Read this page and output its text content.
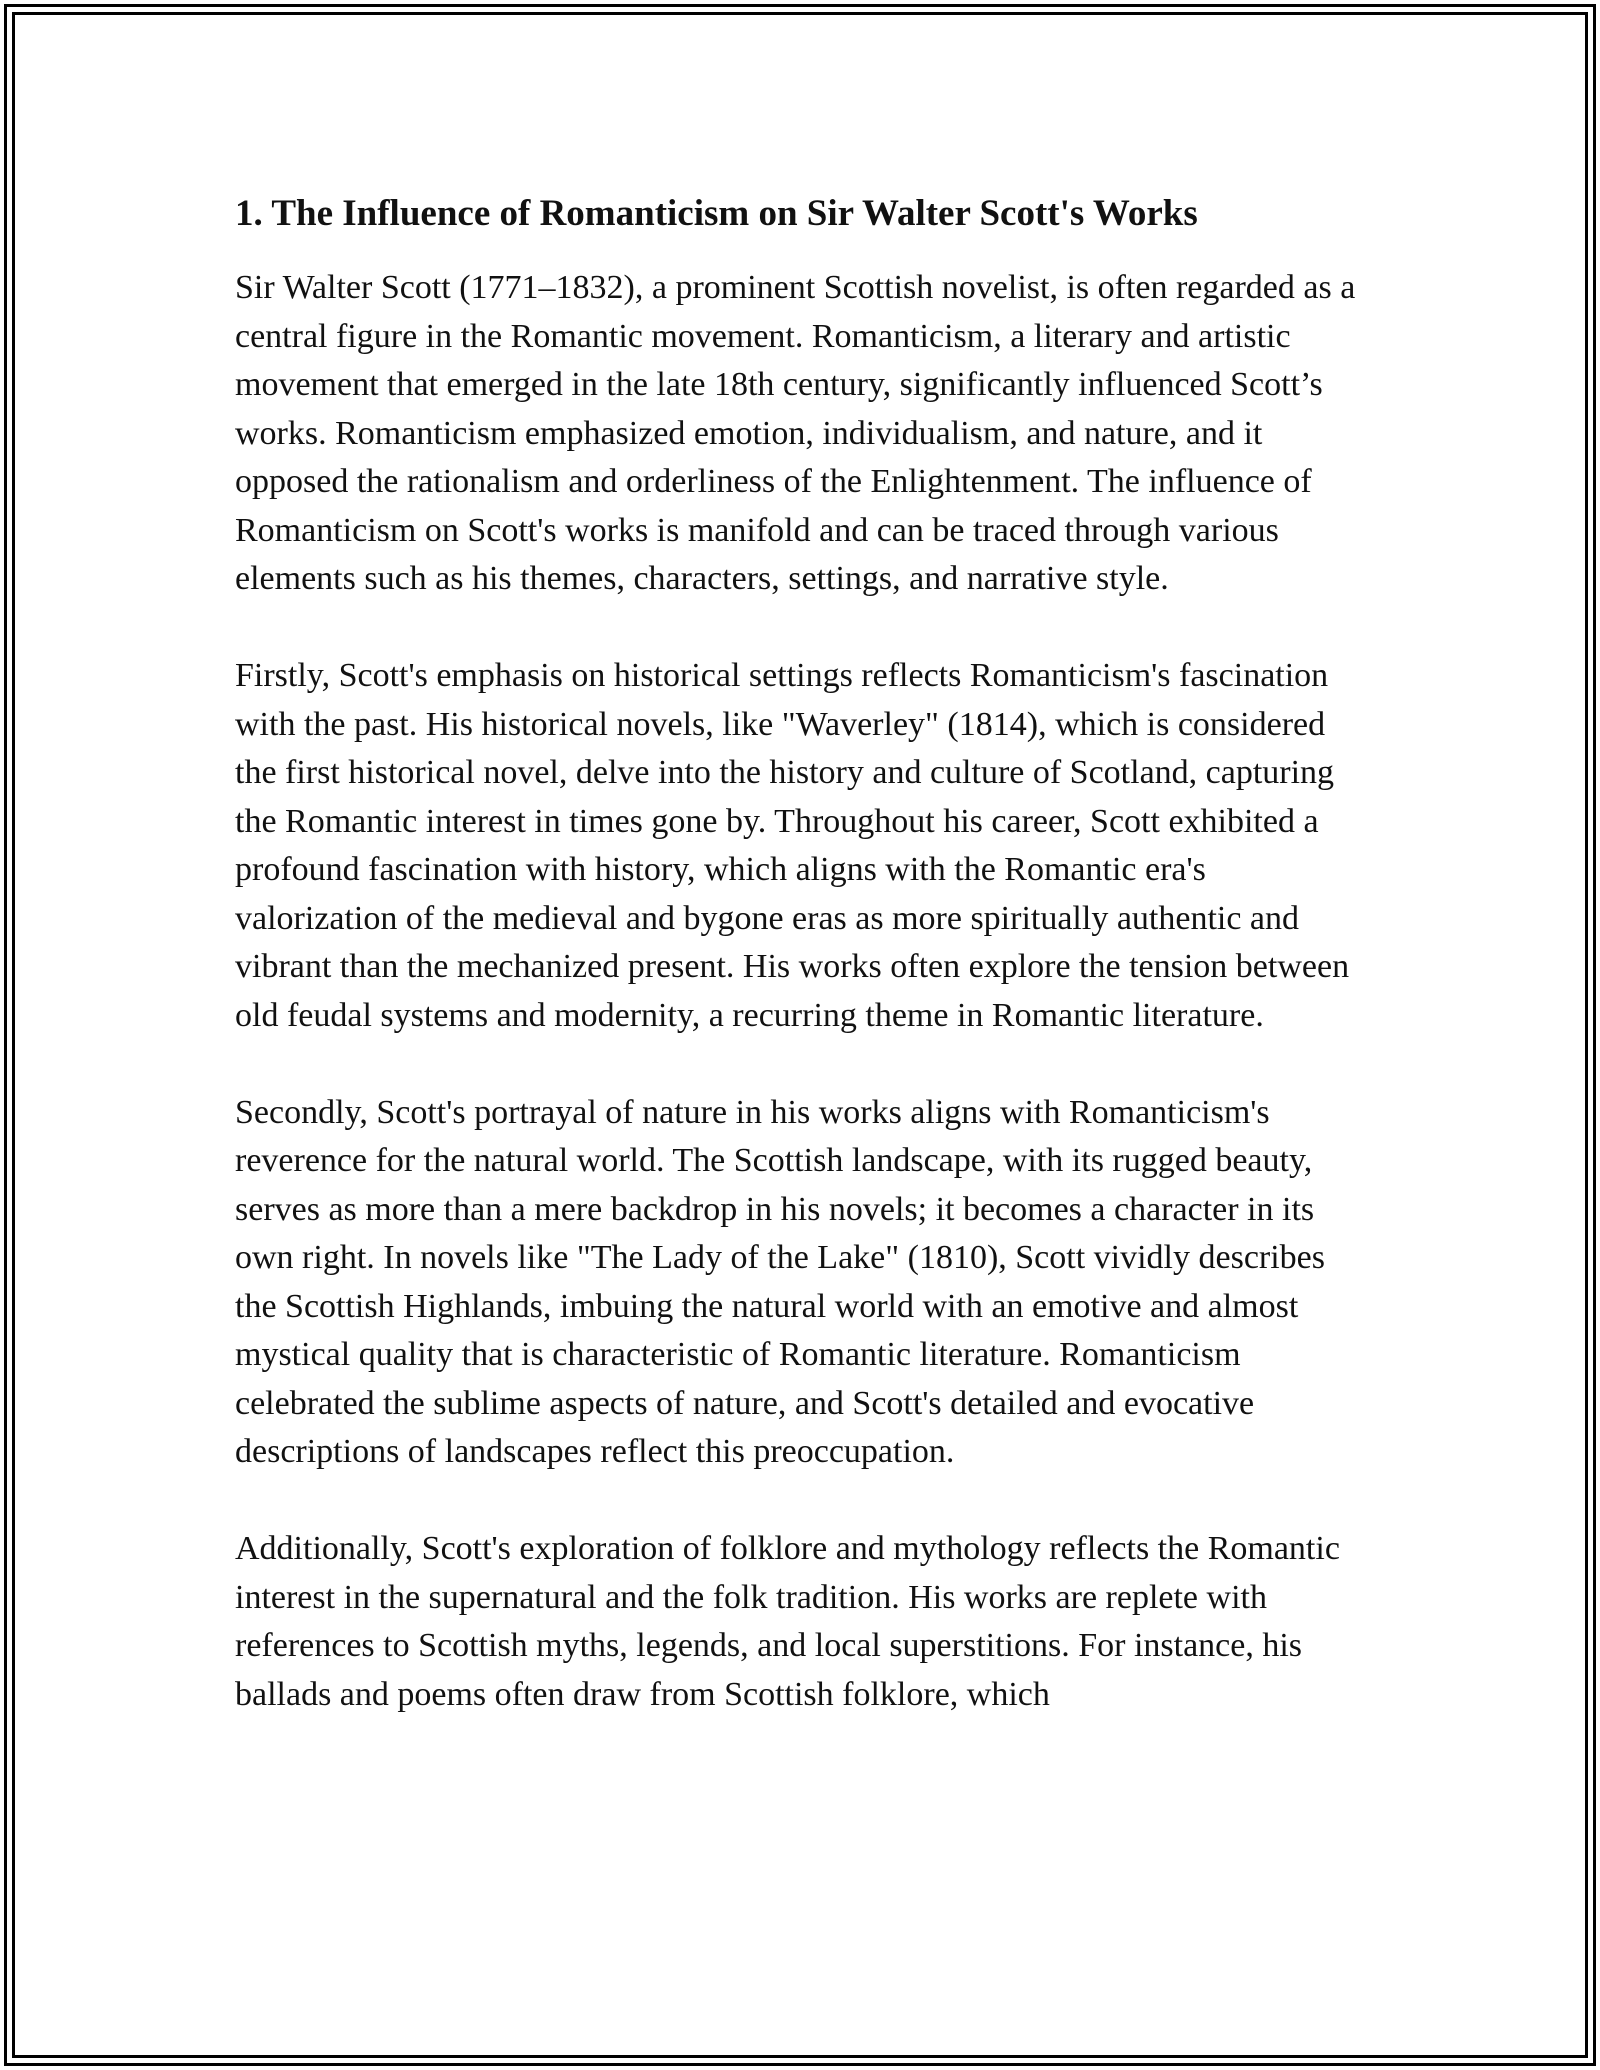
1. The Influence of Romanticism on Sir Walter Scott's Works

Sir Walter Scott (1771–1832), a prominent Scottish novelist, is often regarded as a central figure in the Romantic movement. Romanticism, a literary and artistic movement that emerged in the late 18th century, significantly influenced Scott’s works. Romanticism emphasized emotion, individualism, and nature, and it opposed the rationalism and orderliness of the Enlightenment. The influence of Romanticism on Scott's works is manifold and can be traced through various elements such as his themes, characters, settings, and narrative style.

Firstly, Scott's emphasis on historical settings reflects Romanticism's fascination with the past. His historical novels, like "Waverley" (1814), which is considered the first historical novel, delve into the history and culture of Scotland, capturing the Romantic interest in times gone by. Throughout his career, Scott exhibited a profound fascination with history, which aligns with the Romantic era's valorization of the medieval and bygone eras as more spiritually authentic and vibrant than the mechanized present. His works often explore the tension between old feudal systems and modernity, a recurring theme in Romantic literature.

Secondly, Scott's portrayal of nature in his works aligns with Romanticism's reverence for the natural world. The Scottish landscape, with its rugged beauty, serves as more than a mere backdrop in his novels; it becomes a character in its own right. In novels like "The Lady of the Lake" (1810), Scott vividly describes the Scottish Highlands, imbuing the natural world with an emotive and almost mystical quality that is characteristic of Romantic literature. Romanticism celebrated the sublime aspects of nature, and Scott's detailed and evocative descriptions of landscapes reflect this preoccupation.

Additionally, Scott's exploration of folklore and mythology reflects the Romantic interest in the supernatural and the folk tradition. His works are replete with references to Scottish myths, legends, and local superstitions. For instance, his ballads and poems often draw from Scottish folklore, which
